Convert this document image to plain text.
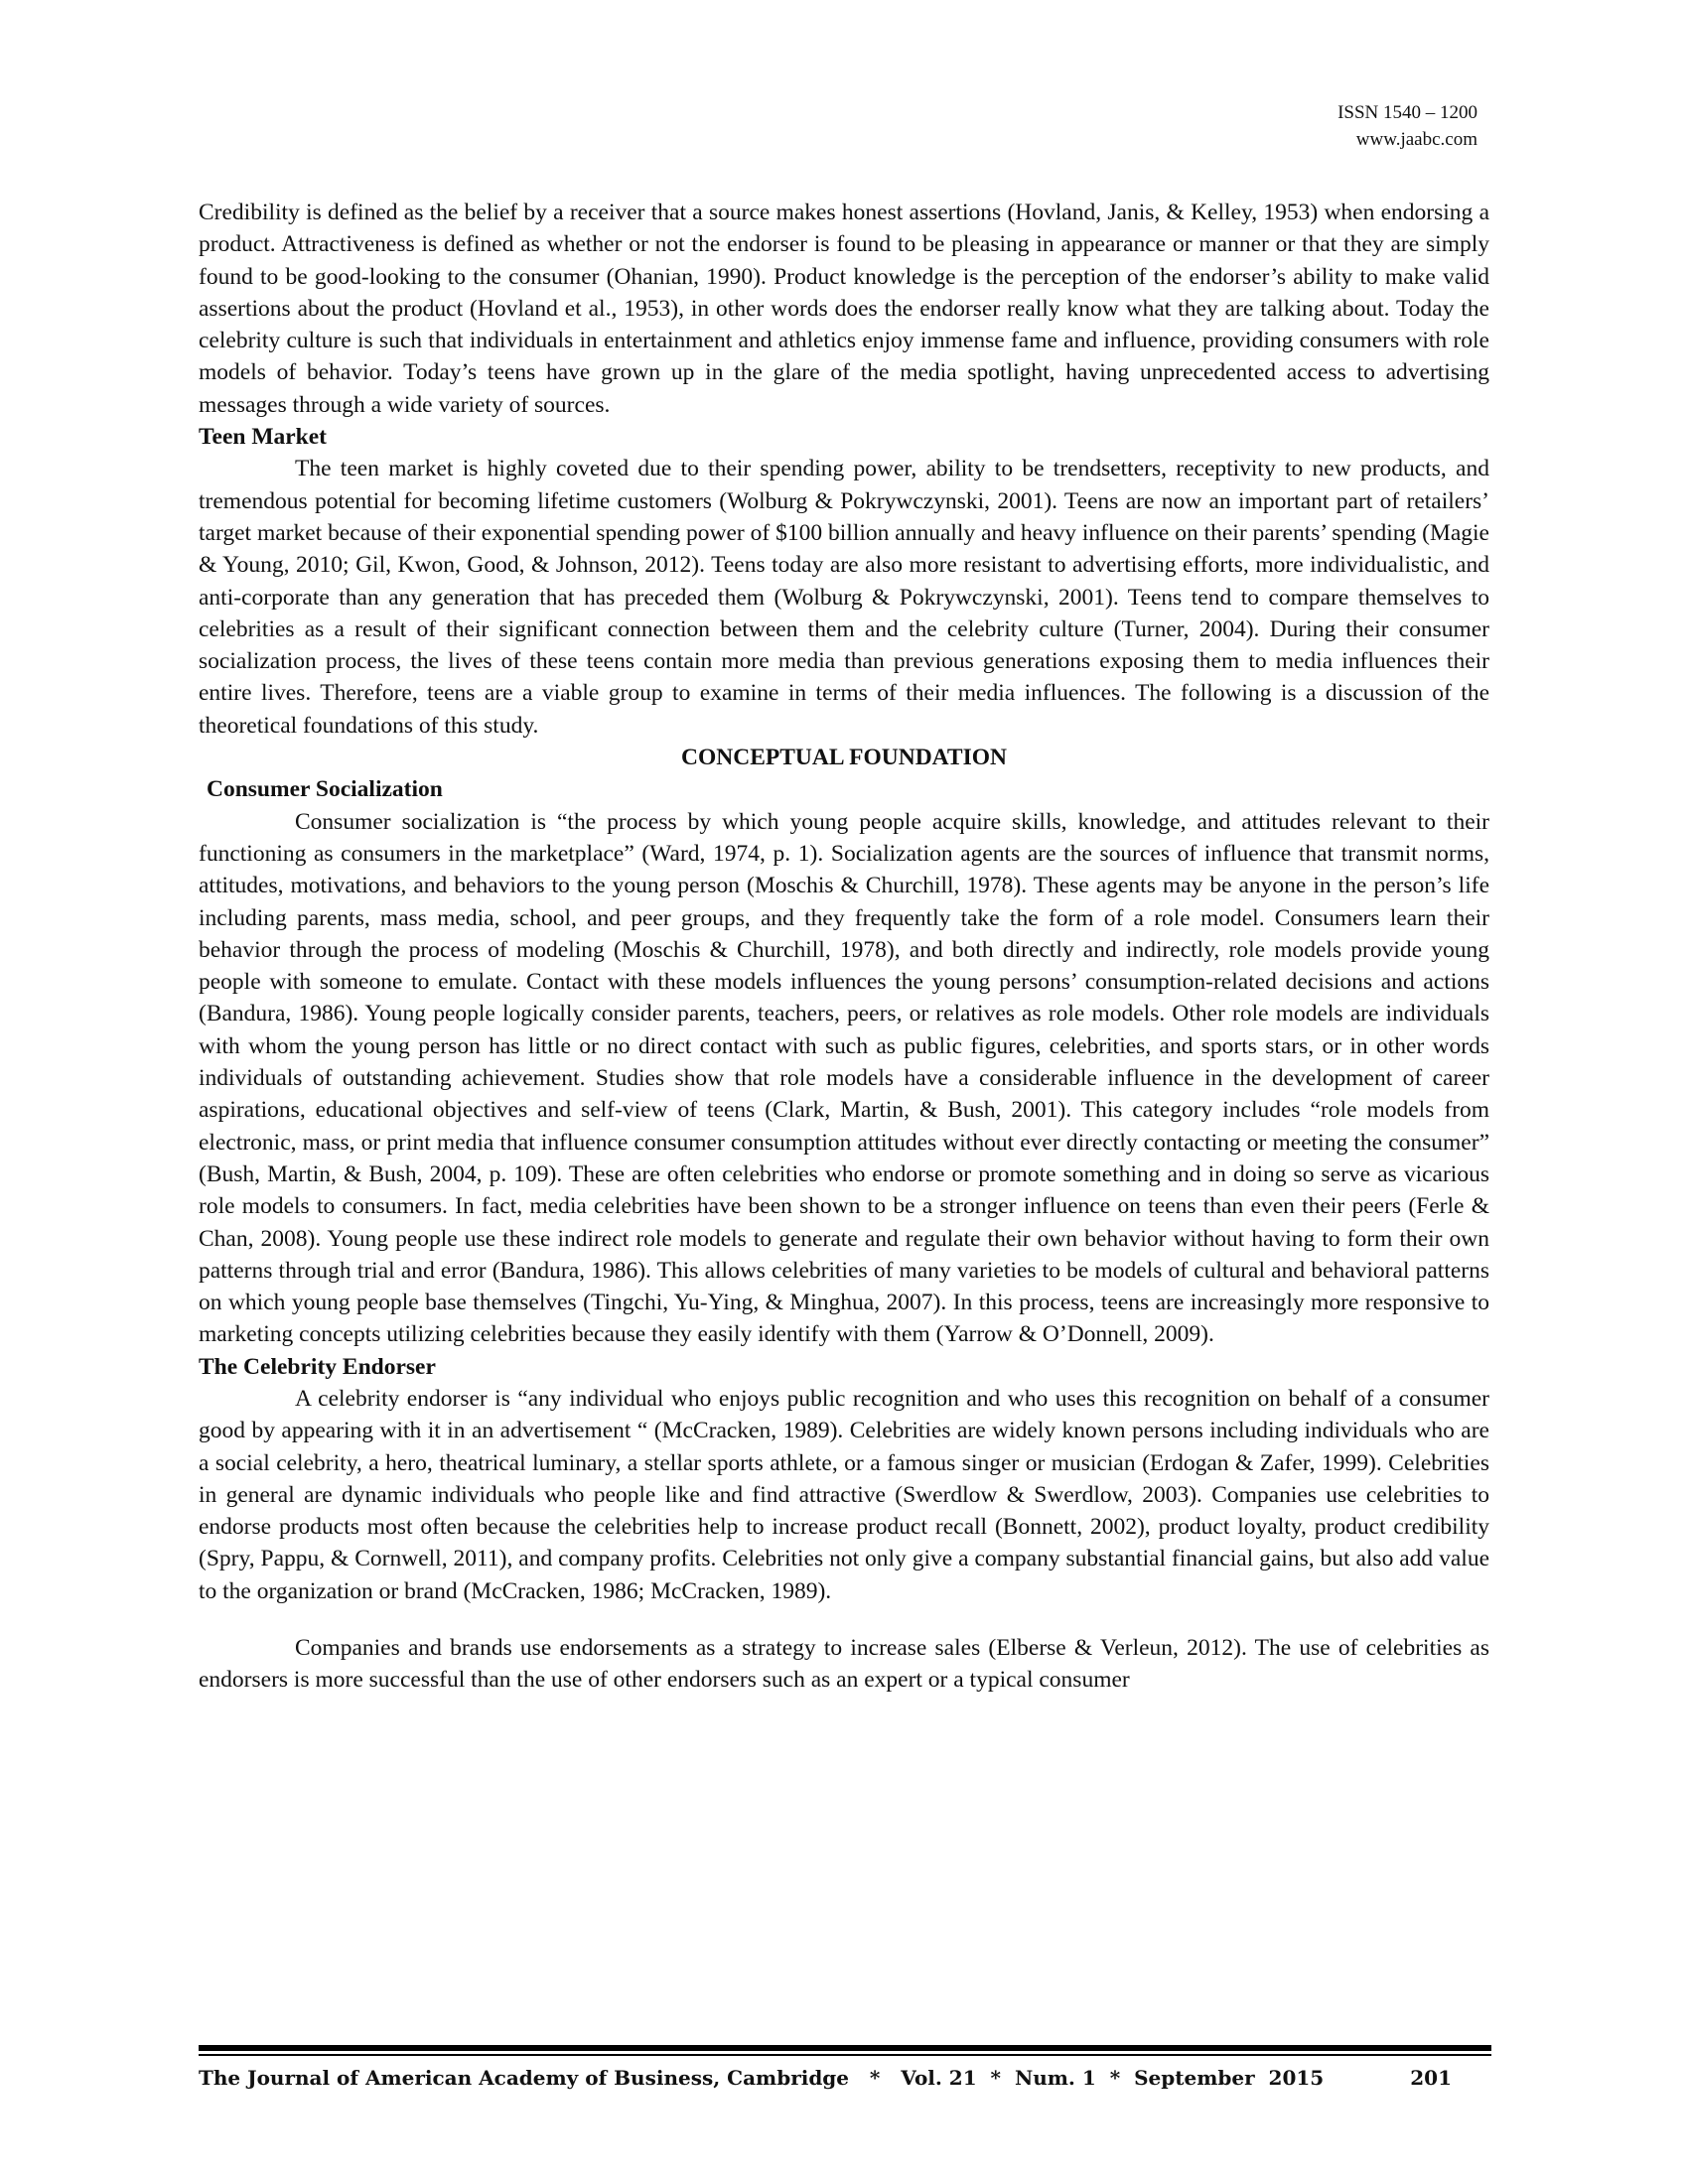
ISSN 1540 – 1200
www.jaabc.com

Credibility is defined as the belief by a receiver that a source makes honest assertions (Hovland, Janis, & Kelley, 1953) when endorsing a product. Attractiveness is defined as whether or not the endorser is found to be pleasing in appearance or manner or that they are simply found to be good-looking to the consumer (Ohanian, 1990). Product knowledge is the perception of the endorser’s ability to make valid assertions about the product (Hovland et al., 1953), in other words does the endorser really know what they are talking about. Today the celebrity culture is such that individuals in entertainment and athletics enjoy immense fame and influence, providing consumers with role models of behavior. Today’s teens have grown up in the glare of the media spotlight, having unprecedented access to advertising messages through a wide variety of sources.

Teen Market

The teen market is highly coveted due to their spending power, ability to be trendsetters, receptivity to new products, and tremendous potential for becoming lifetime customers (Wolburg & Pokrywczynski, 2001). Teens are now an important part of retailers’ target market because of their exponential spending power of $100 billion annually and heavy influence on their parents’ spending (Magie & Young, 2010; Gil, Kwon, Good, & Johnson, 2012). Teens today are also more resistant to advertising efforts, more individualistic, and anti-corporate than any generation that has preceded them (Wolburg & Pokrywczynski, 2001). Teens tend to compare themselves to celebrities as a result of their significant connection between them and the celebrity culture (Turner, 2004). During their consumer socialization process, the lives of these teens contain more media than previous generations exposing them to media influences their entire lives. Therefore, teens are a viable group to examine in terms of their media influences. The following is a discussion of the theoretical foundations of this study.

CONCEPTUAL FOUNDATION
Consumer Socialization

Consumer socialization is “the process by which young people acquire skills, knowledge, and attitudes relevant to their functioning as consumers in the marketplace” (Ward, 1974, p. 1). Socialization agents are the sources of influence that transmit norms, attitudes, motivations, and behaviors to the young person (Moschis & Churchill, 1978). These agents may be anyone in the person’s life including parents, mass media, school, and peer groups, and they frequently take the form of a role model. Consumers learn their behavior through the process of modeling (Moschis & Churchill, 1978), and both directly and indirectly, role models provide young people with someone to emulate. Contact with these models influences the young persons’ consumption-related decisions and actions (Bandura, 1986). Young people logically consider parents, teachers, peers, or relatives as role models. Other role models are individuals with whom the young person has little or no direct contact with such as public figures, celebrities, and sports stars, or in other words individuals of outstanding achievement. Studies show that role models have a considerable influence in the development of career aspirations, educational objectives and self-view of teens (Clark, Martin, & Bush, 2001). This category includes “role models from electronic, mass, or print media that influence consumer consumption attitudes without ever directly contacting or meeting the consumer” (Bush, Martin, & Bush, 2004, p. 109). These are often celebrities who endorse or promote something and in doing so serve as vicarious role models to consumers. In fact, media celebrities have been shown to be a stronger influence on teens than even their peers (Ferle & Chan, 2008). Young people use these indirect role models to generate and regulate their own behavior without having to form their own patterns through trial and error (Bandura, 1986). This allows celebrities of many varieties to be models of cultural and behavioral patterns on which young people base themselves (Tingchi, Yu-Ying, & Minghua, 2007). In this process, teens are increasingly more responsive to marketing concepts utilizing celebrities because they easily identify with them (Yarrow & O’Donnell, 2009).

The Celebrity Endorser

A celebrity endorser is “any individual who enjoys public recognition and who uses this recognition on behalf of a consumer good by appearing with it in an advertisement “ (McCracken, 1989). Celebrities are widely known persons including individuals who are a social celebrity, a hero, theatrical luminary, a stellar sports athlete, or a famous singer or musician (Erdogan & Zafer, 1999). Celebrities in general are dynamic individuals who people like and find attractive (Swerdlow & Swerdlow, 2003). Companies use celebrities to endorse products most often because the celebrities help to increase product recall (Bonnett, 2002), product loyalty, product credibility (Spry, Pappu, & Cornwell, 2011), and company profits. Celebrities not only give a company substantial financial gains, but also add value to the organization or brand (McCracken, 1986; McCracken, 1989).

Companies and brands use endorsements as a strategy to increase sales (Elberse & Verleun, 2012). The use of celebrities as endorsers is more successful than the use of other endorsers such as an expert or a typical consumer

The Journal of American Academy of Business, Cambridge   *   Vol. 21  *  Num. 1  *  September  2015	201
